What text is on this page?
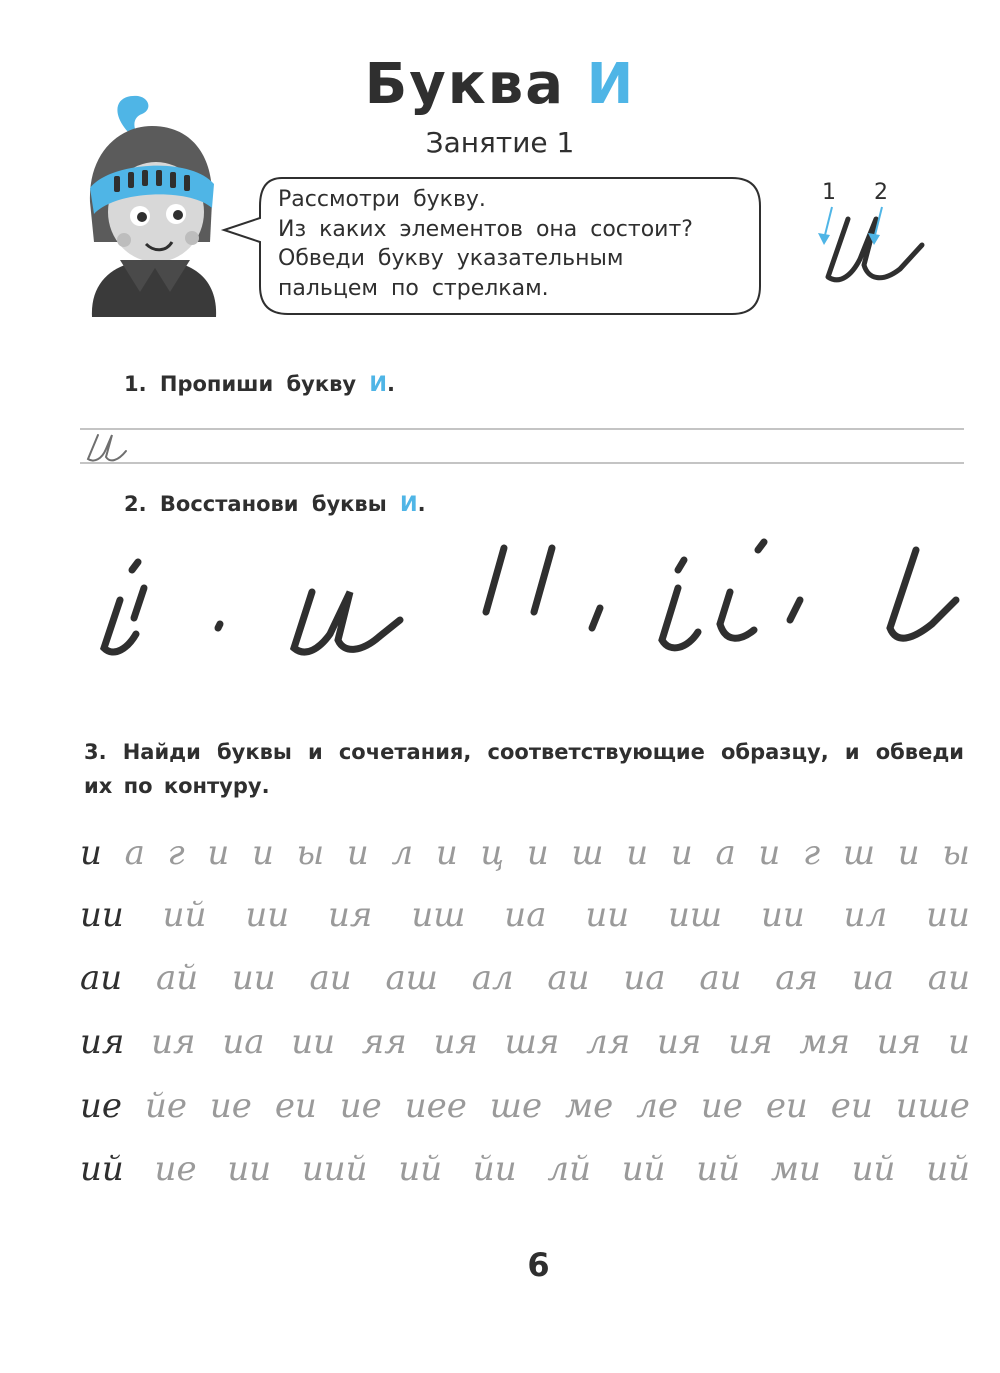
Буква И
Занятие 1
Рассмотри букву.
Из каких элементов она состоит?
Обведи букву указательным
пальцем по стрелкам.
1 2
1. Пропиши букву И.
2. Восстанови буквы И.
3. Найди буквы и сочетания, соответствующие образцу, и обведи их по контуру.
и а г и и ы и л и ц и ш и и а и г ш и ы
ии ий ии ия иш иа ии иш ии ил ии
аи ай ии аи аш ал аи иа аи ая иа аи
ия ия иа ии яя ия шя ля ия ия мя ия и
ие йе ие еи ие иее ше ме ле ие еи еи ише
ий ие ии иий ий йи лй ий ий ми ий ий
6
